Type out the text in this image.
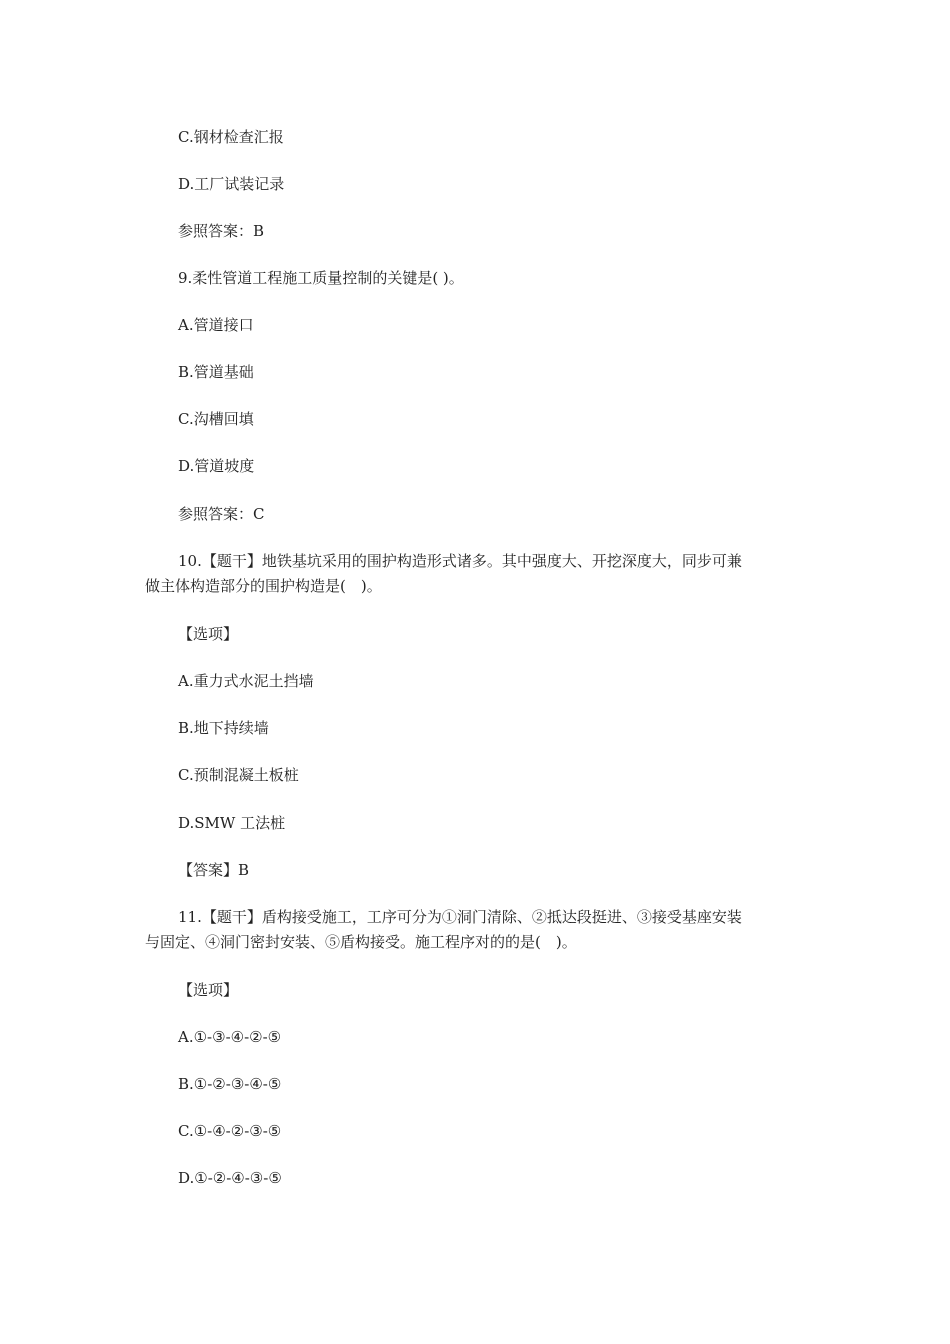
C.钢材检查汇报
D.工厂试装记录
参照答案：B
9.柔性管道工程施工质量控制的关键是( )。
A.管道接口
B.管道基础
C.沟槽回填
D.管道坡度
参照答案：C
10.【题干】地铁基坑采用的围护构造形式诸多。其中强度大、开挖深度大，同步可兼
做主体构造部分的围护构造是(　)。
【选项】
A.重力式水泥土挡墙
B.地下持续墙
C.预制混凝土板桩
D.SMW 工法桩
【答案】B
11.【题干】盾构接受施工，工序可分为①洞门清除、②抵达段挺进、③接受基座安装
与固定、④洞门密封安装、⑤盾构接受。施工程序对的的是(　)。
【选项】
A.①-③-④-②-⑤
B.①-②-③-④-⑤
C.①-④-②-③-⑤
D.①-②-④-③-⑤
